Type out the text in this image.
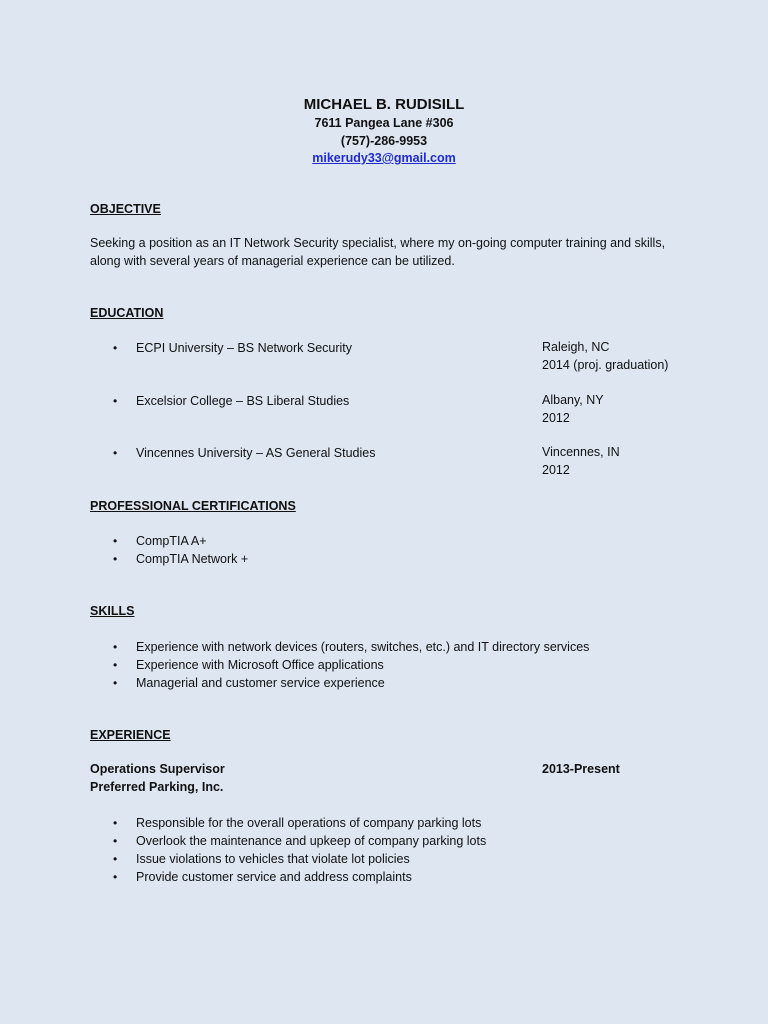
MICHAEL B. RUDISILL
7611 Pangea Lane #306
(757)-286-9953
mikerudy33@gmail.com
OBJECTIVE
Seeking a position as an IT Network Security specialist, where my on-going computer training and skills,
along with several years of managerial experience can be utilized.
EDUCATION
• ECPI University – BS Network Security	Raleigh, NC
2014 (proj. graduation)
• Excelsior College – BS Liberal Studies	Albany, NY
2012
• Vincennes University – AS General Studies	Vincennes, IN
2012
PROFESSIONAL CERTIFICATIONS
• CompTIA A+
• CompTIA Network +
SKILLS
• Experience with network devices (routers, switches, etc.) and IT directory services
• Experience with Microsoft Office applications
• Managerial and customer service experience
EXPERIENCE
Operations Supervisor
Preferred Parking, Inc.
2013-Present
• Responsible for the overall operations of company parking lots
• Overlook the maintenance and upkeep of company parking lots
• Issue violations to vehicles that violate lot policies
• Provide customer service and address complaints
